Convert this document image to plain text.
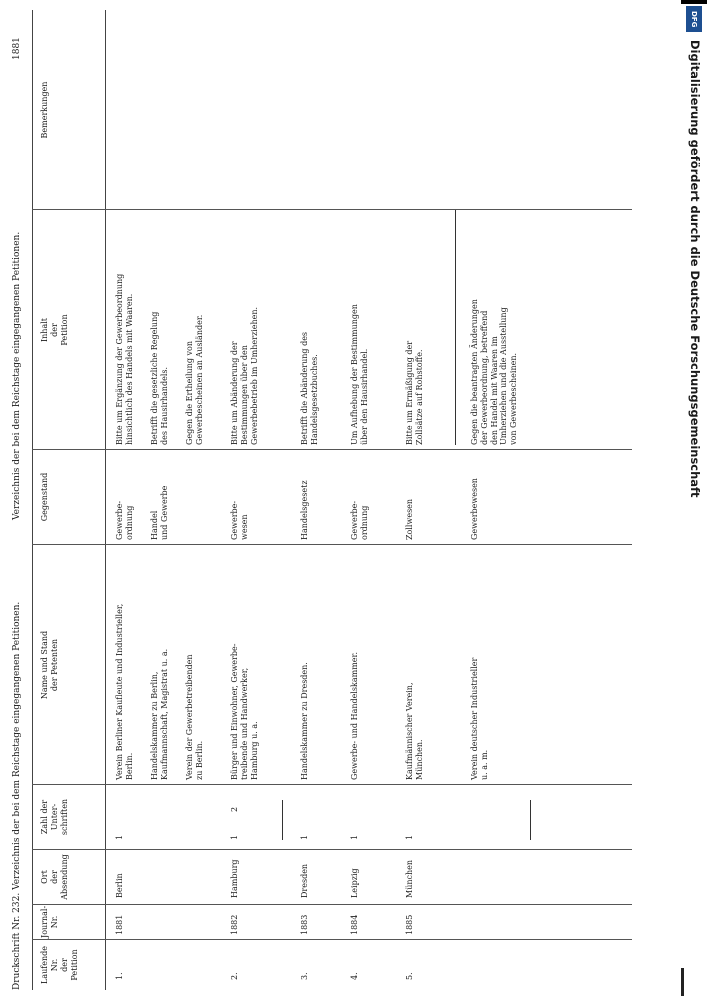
Druckschrift Nr. 232. Verzeichnis der bei dem Reichstage eingegangenen Petitionen.
Verzeichnis der bei dem Reichstage eingegangenen Petitionen.
1881
Laufende Nr. der Petition
Journal- Nr.
Ort der Absendung
Zahl der Unter- schriften
Name und Stand der Petenten
Gegenstand
Inhalt der Petition
Bemerkungen
1.
1881
Berlin
1
Verein Berliner Kaufleute und Industrieller, Berlin.
Gewerbe- ordnung
Bitte um Ergänzung der Gewerbeordnung hinsichtlich des Handels mit Waaren.
Handelskammer zu Berlin, Kaufmannschaft, Magistrat u. a.
Handel und Gewerbe
Betrifft die gesetzliche Regelung des Hausirhandels.
Verein der Gewerbetreibenden zu Berlin.
Gegen die Ertheilung von Gewerbescheinen an Ausländer.
2.
1882
Hamburg
1
2
Bürger und Einwohner, Gewerbe- treibende und Handwerker, Hamburg u. a.
Gewerbe- wesen
Bitte um Abänderung der Bestimmungen über den Gewerbebetrieb im Umherziehen.
3.
1883
Dresden
1
Handelskammer zu Dresden.
Handelsgesetz
Betrifft die Abänderung des Handelsgesetzbuches.
4.
1884
Leipzig
1
Gewerbe- und Handelskammer.
Gewerbe- ordnung
Um Aufhebung der Bestimmungen über den Hausirhandel.
5.
1885
München
1
Kaufmännischer Verein, München.
Zollwesen
Bitte um Ermäßigung der Zollsätze auf Rohstoffe.
Verein deutscher Industrieller u. a. m.
Gewerbewesen
Gegen die beantragten Änderungen der Gewerbeordnung, betreffend den Handel mit Waaren im Umherziehen und die Ausstellung von Gewerbescheinen.
DFG
Digitalisierung gefördert durch die Deutsche Forschungsgemeinschaft
